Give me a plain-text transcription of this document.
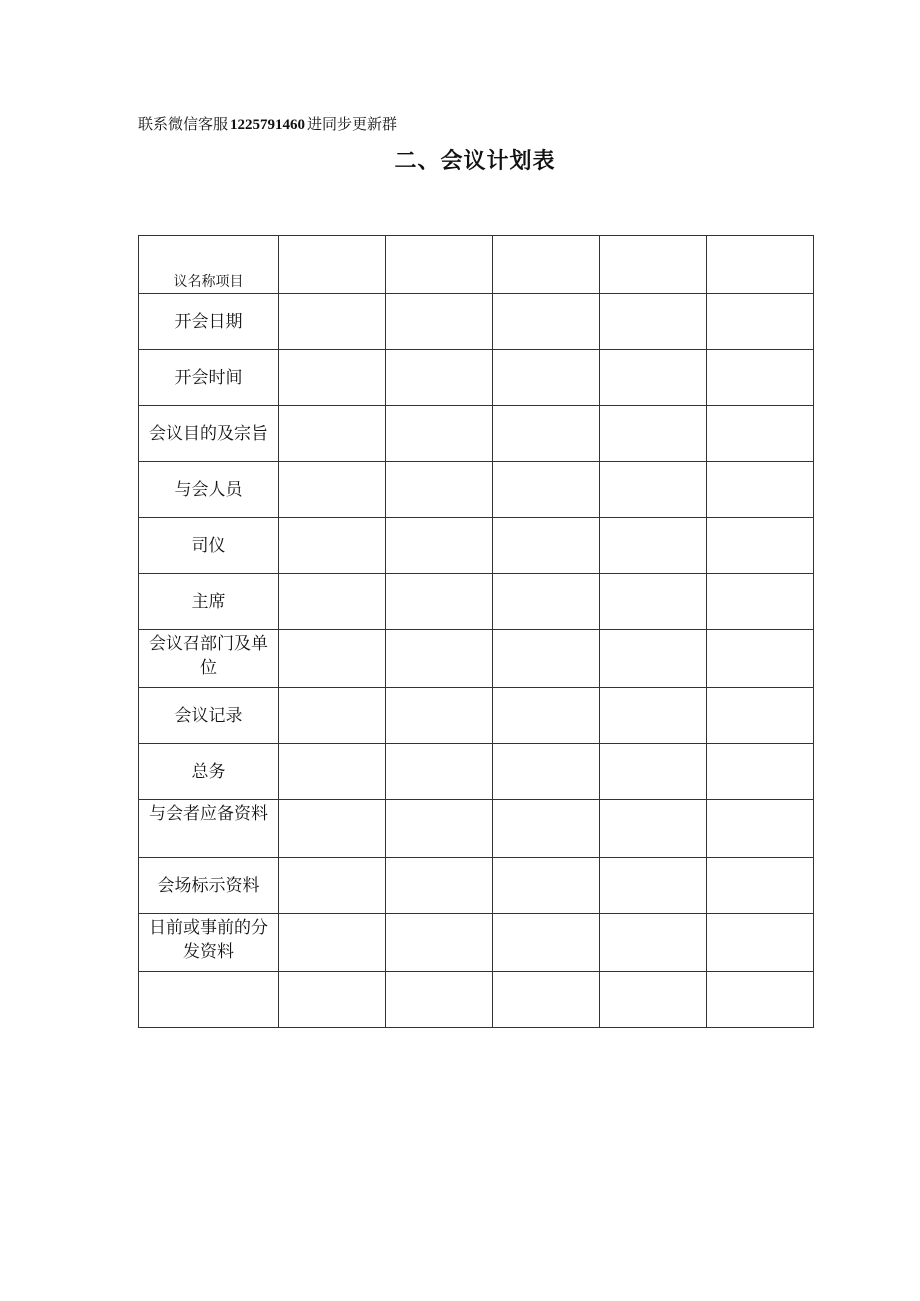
联系微信客服 1225791460 进同步更新群
二、会议计划表
议名称项目					
开会日期					
开会时间					
会议目的及宗旨					
与会人员					
司仪					
主席					
会议召部门及单位					
会议记录					
总务					
与会者应备资料					
会场标示资料					
日前或事前的分发资料					
